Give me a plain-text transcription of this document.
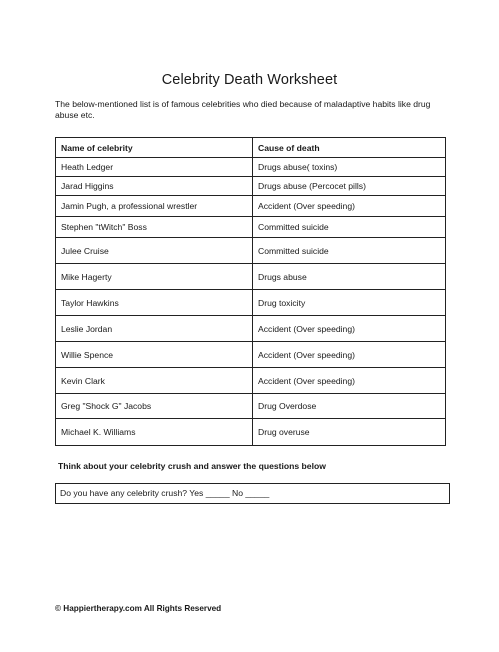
Celebrity Death Worksheet
The below-mentioned list is of famous celebrities who died because of maladaptive habits like drug abuse etc.
Name of celebrity	Cause of death
Heath Ledger	Drugs abuse( toxins)
Jarad Higgins	Drugs abuse (Percocet pills)
Jamin Pugh, a professional wrestler	Accident (Over speeding)
Stephen "tWitch" Boss	Committed suicide
Julee Cruise	Committed suicide
Mike Hagerty	Drugs abuse
Taylor Hawkins	Drug toxicity
Leslie Jordan	Accident (Over speeding)
Willie Spence	Accident (Over speeding)
Kevin Clark	Accident (Over speeding)
Greg "Shock G" Jacobs	Drug Overdose
Michael K. Williams	Drug overuse
Think about your celebrity crush and answer the questions below
Do you have any celebrity crush? Yes _____ No _____
© Happiertherapy.com All Rights Reserved
